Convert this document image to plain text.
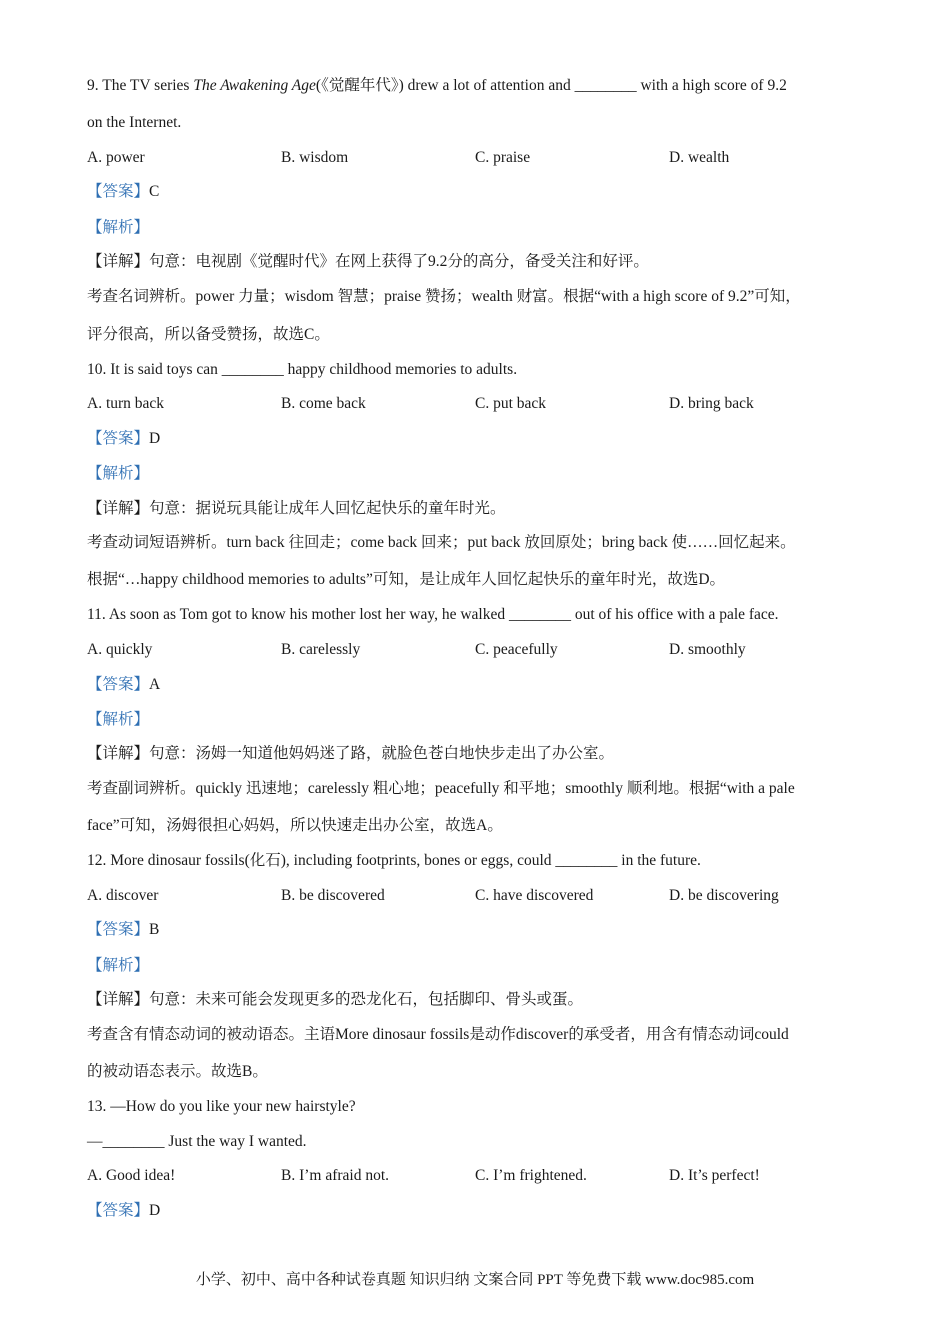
9. The TV series The Awakening Age(《觉醒年代》) drew a lot of attention and ________ with a high score of 9.2
on the Internet.
A. power	B. wisdom	C. praise	D. wealth
【答案】C
【解析】
【详解】句意：电视剧《觉醒时代》在网上获得了9.2分的高分，备受关注和好评。
考查名词辨析。power 力量；wisdom 智慧；praise 赞扬；wealth 财富。根据“with a high score of 9.2”可知，
评分很高，所以备受赞扬，故选C。
10. It is said toys can ________ happy childhood memories to adults.
A. turn back	B. come back	C. put back	D. bring back
【答案】D
【解析】
【详解】句意：据说玩具能让成年人回忆起快乐的童年时光。
考查动词短语辨析。turn back 往回走；come back 回来；put back 放回原处；bring back 使……回忆起来。
根据“…happy childhood memories to adults”可知，是让成年人回忆起快乐的童年时光，故选D。
11. As soon as Tom got to know his mother lost her way, he walked ________ out of his office with a pale face.
A. quickly	B. carelessly	C. peacefully	D. smoothly
【答案】A
【解析】
【详解】句意：汤姆一知道他妈妈迷了路，就脸色苍白地快步走出了办公室。
考查副词辨析。quickly 迅速地；carelessly 粗心地；peacefully 和平地；smoothly 顺利地。根据“with a pale
face”可知，汤姆很担心妈妈，所以快速走出办公室，故选A。
12. More dinosaur fossils(化石), including footprints, bones or eggs, could ________ in the future.
A. discover	B. be discovered	C. have discovered	D. be discovering
【答案】B
【解析】
【详解】句意：未来可能会发现更多的恐龙化石，包括脚印、骨头或蛋。
考查含有情态动词的被动语态。主语More dinosaur fossils是动作discover的承受者，用含有情态动词could
的被动语态表示。故选B。
13. —How do you like your new hairstyle?
—________ Just the way I wanted.
A. Good idea!	B. I’m afraid not.	C. I’m frightened.	D. It’s perfect!
【答案】D
小学、初中、高中各种试卷真题 知识归纳 文案合同 PPT 等免费下载 www.doc985.com
